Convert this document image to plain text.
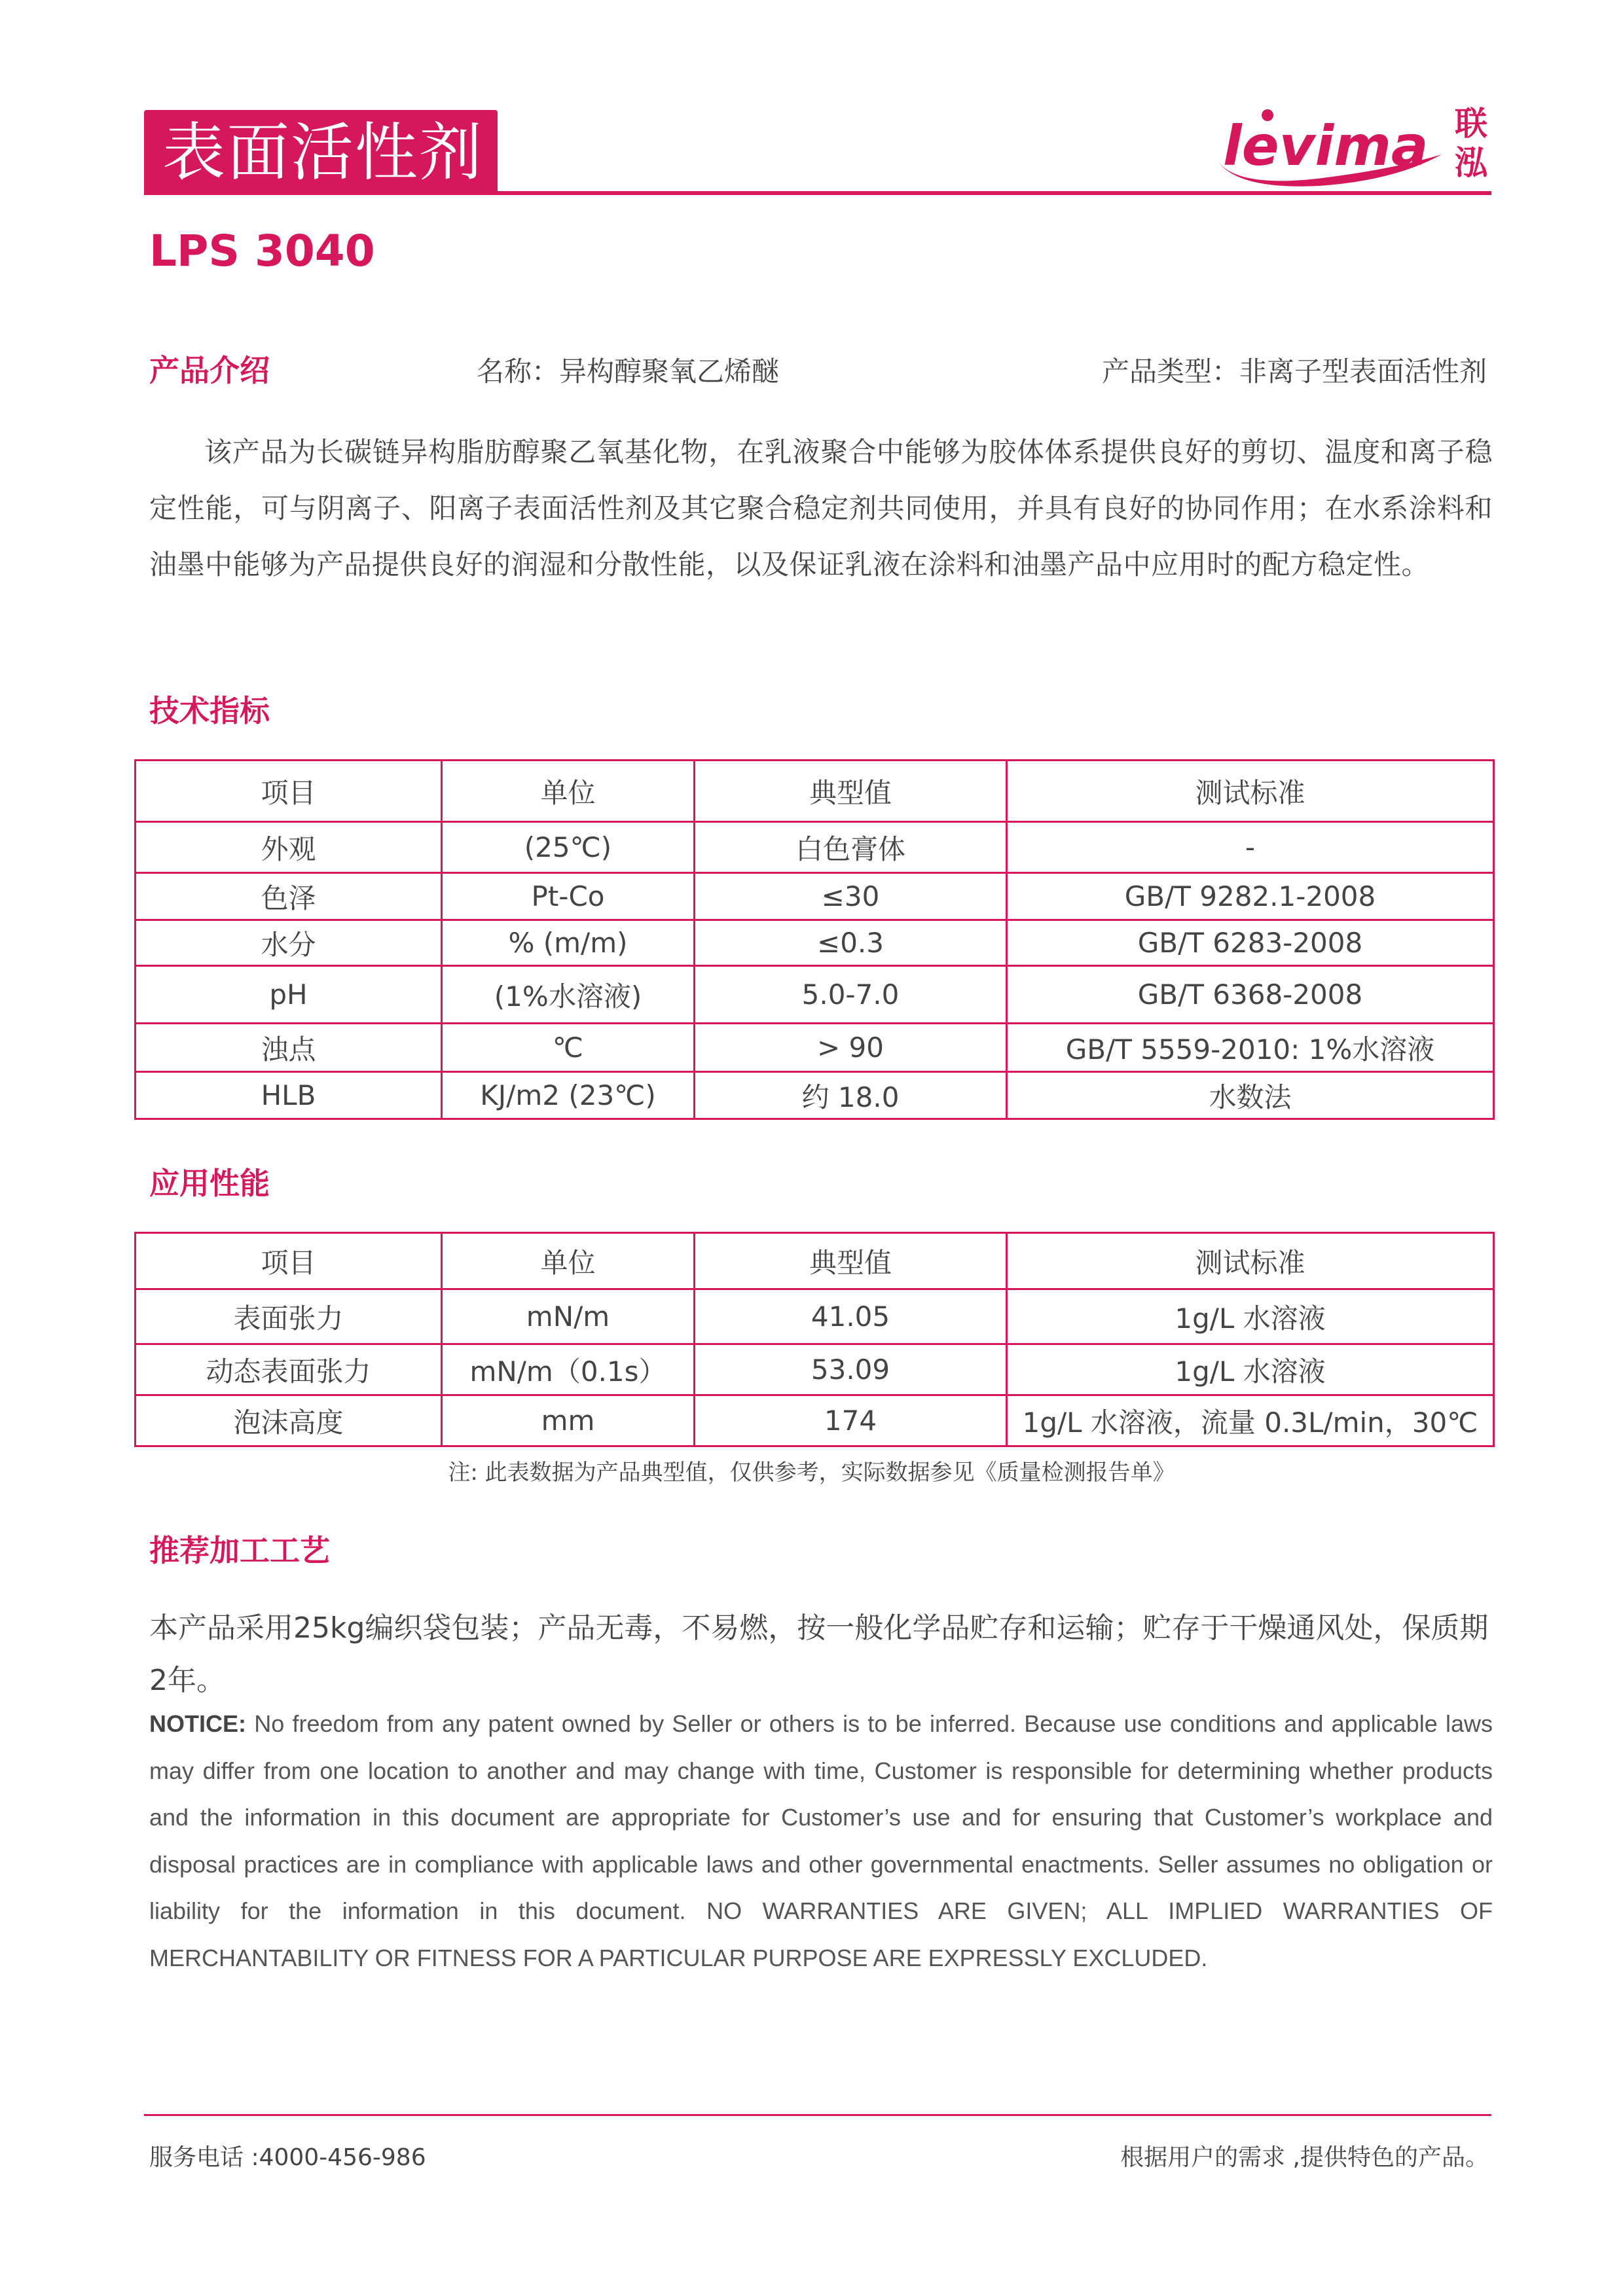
表面活性剂	levima 联
泓
LPS 3040
产品介绍	名称：异构醇聚氧乙烯醚	产品类型：非离子型表面活性剂
该产品为长碳链异构脂肪醇聚乙氧基化物，在乳液聚合中能够为胶体体系提供良好的剪切、温度和离子稳定性能，可与阴离子、阳离子表面活性剂及其它聚合稳定剂共同使用，并具有良好的协同作用；在水系涂料和油墨中能够为产品提供良好的润湿和分散性能，以及保证乳液在涂料和油墨产品中应用时的配方稳定性。
技术指标
项目	单位	典型值	测试标准
外观	(25℃)	白色膏体	-
色泽	Pt-Co	≤30	GB/T 9282.1-2008
水分	% (m/m)	≤0.3	GB/T 6283-2008
pH	(1%水溶液)	5.0-7.0	GB/T 6368-2008
浊点	℃	> 90	GB/T 5559-2010: 1%水溶液
HLB	KJ/m2 (23℃)	约 18.0	水数法
应用性能
项目	单位	典型值	测试标准
表面张力	mN/m	41.05	1g/L 水溶液
动态表面张力	mN/m（0.1s）	53.09	1g/L 水溶液
泡沫高度	mm	174	1g/L 水溶液，流量 0.3L/min，30℃
注: 此表数据为产品典型值，仅供参考，实际数据参见《质量检测报告单》
推荐加工工艺
本产品采用25kg编织袋包装；产品无毒，不易燃，按一般化学品贮存和运输；贮存于干燥通风处，保质期2年。
NOTICE: No freedom from any patent owned by Seller or others is to be inferred. Because use conditions and applicable laws may differ from one location to another and may change with time, Customer is responsible for determining whether products and the information in this document are appropriate for Customer’s use and for ensuring that Customer’s workplace and disposal practices are in compliance with applicable laws and other governmental enactments. Seller assumes no obligation or liability for the information in this document. NO WARRANTIES ARE GIVEN; ALL IMPLIED WARRANTIES OF MERCHANTABILITY OR FITNESS FOR A PARTICULAR PURPOSE ARE EXPRESSLY EXCLUDED.
服务电话 :4000-456-986	根据用户的需求 ,提供特色的产品。
